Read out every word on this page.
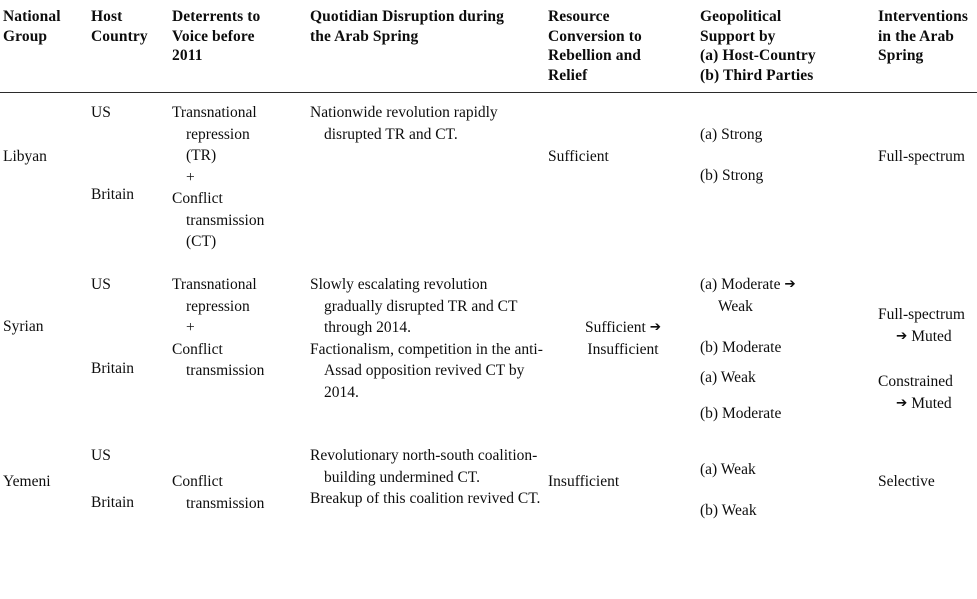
National
Group
Host
Country
Deterrents to
Voice before
2011
Quotidian Disruption during
the Arab Spring
Resource
Conversion to
Rebellion and
Relief
Geopolitical
Support by
(a) Host-Country
(b) Third Parties
Interventions
in the Arab
Spring
Libyan
US
Britain
Transnational
repression
(TR)
+
Conflict
transmission
(CT)

Nationwide revolution rapidly disrupted TR and CT.

Sufficient
(a) Strong
(b) Strong
Full-spectrum
Syrian
US
Britain
Transnational
repression
+
Conflict
transmission

Slowly escalating revolution gradually disrupted TR and CT through 2014.

Factionalism, competition in the anti-Assad opposition revived CT by 2014.

Sufficient ➔
Insufficient
(a) Moderate ➔
Weak
(b) Moderate
(a) Weak
(b) Moderate
Full-spectrum
➔ Muted
Constrained
➔ Muted
Yemeni
US
Britain
Conflict
transmission

Revolutionary north-south coalition-building undermined CT.

Breakup of this coalition revived CT.

Insufficient
(a) Weak
(b) Weak
Selective
